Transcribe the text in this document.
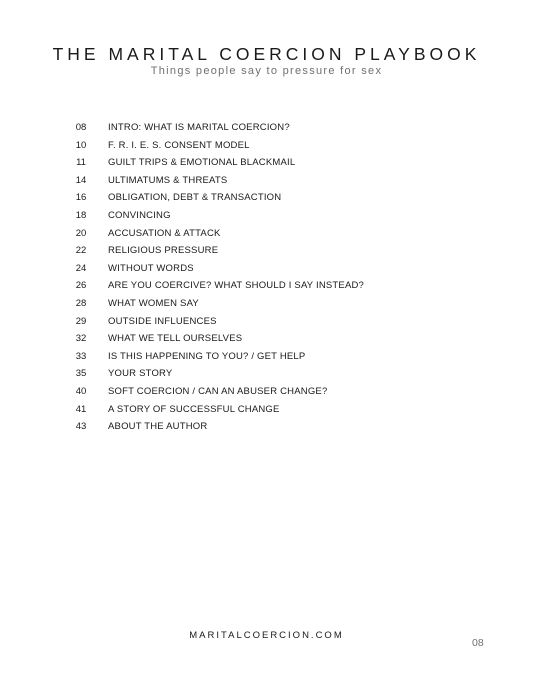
THE MARITAL COERCION PLAYBOOK
Things people say to pressure for sex
08	INTRO: WHAT IS MARITAL COERCION?
10	F. R. I. E. S. CONSENT MODEL
11	GUILT TRIPS & EMOTIONAL BLACKMAIL
14	ULTIMATUMS & THREATS
16	OBLIGATION, DEBT & TRANSACTION
18	CONVINCING
20	ACCUSATION & ATTACK
22	RELIGIOUS PRESSURE
24	WITHOUT WORDS
26	ARE YOU COERCIVE? WHAT SHOULD I SAY INSTEAD?
28	WHAT WOMEN SAY
29	OUTSIDE INFLUENCES
32	WHAT WE TELL OURSELVES
33	IS THIS HAPPENING TO YOU? / GET HELP
35	YOUR STORY
40	SOFT COERCION / CAN AN ABUSER CHANGE?
41	A STORY OF SUCCESSFUL CHANGE
43	ABOUT THE AUTHOR
MARITALCOERCION.COM
08
